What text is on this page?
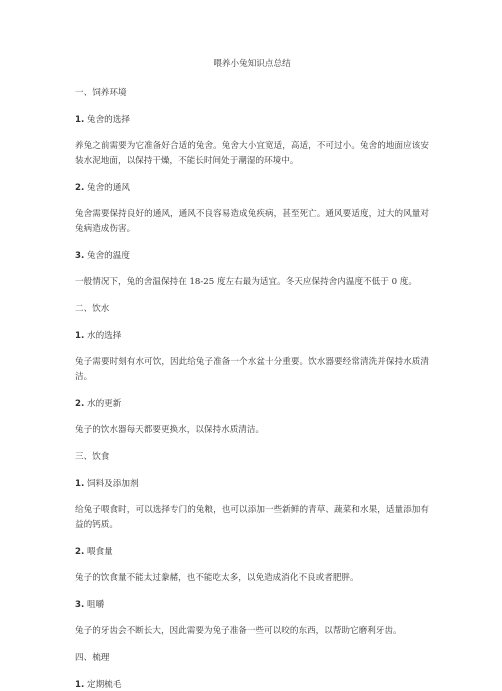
喂养小兔知识点总结
一、饲养环境
1. 兔舍的选择
养兔之前需要为它准备好合适的兔舍。兔舍大小宜宽适，高适，不可过小。兔舍的地面应该安装水泥地面，以保持干燥，不能长时间处于潮湿的环境中。
2. 兔舍的通风
兔舍需要保持良好的通风，通风不良容易造成兔疾病，甚至死亡。通风要适度，过大的风量对兔病造成伤害。
3. 兔舍的温度
一般情况下，兔的舍温保持在 18-25 度左右最为适宜。冬天应保持舍内温度不低于 0 度。
二、饮水
1. 水的选择
兔子需要时刻有水可饮，因此给兔子准备一个水盆十分重要。饮水器要经常清洗并保持水质清洁。
2. 水的更新
兔子的饮水器每天都要更换水，以保持水质清洁。
三、饮食
1. 饲料及添加剂
给兔子喂食时，可以选择专门的兔粮，也可以添加一些新鲜的青草、蔬菜和水果，适量添加有益的钙质。
2. 喂食量
兔子的饮食量不能太过豢赭，也不能吃太多，以免造成消化不良或者肥胖。
3. 咀嚼
兔子的牙齿会不断长大，因此需要为兔子准备一些可以咬的东西，以帮助它磨利牙齿。
四、梳理
1. 定期梳毛
